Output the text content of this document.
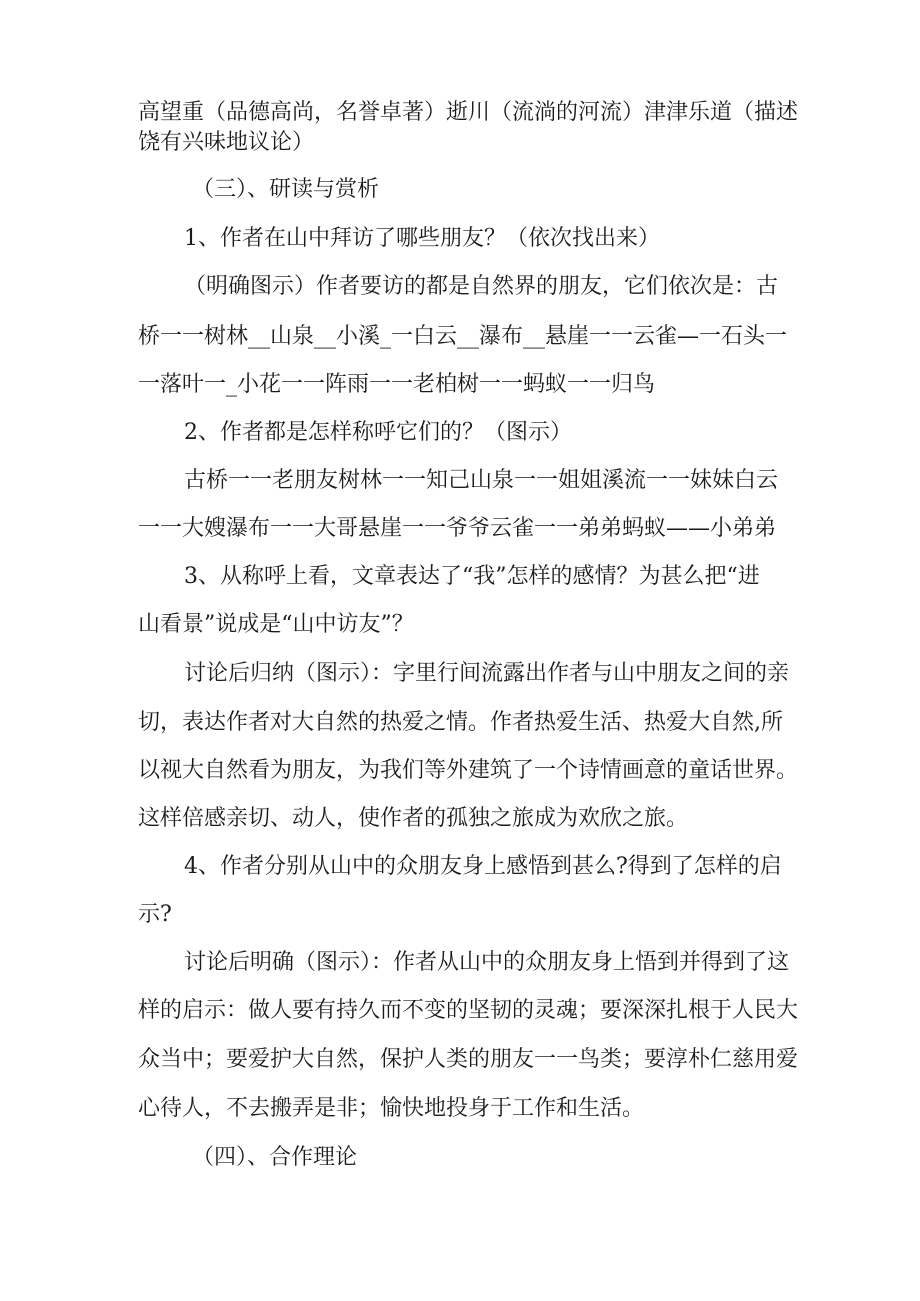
高望重（品德高尚，名誉卓著）逝川（流淌的河流）津津乐道（描述
饶有兴味地议论）
（三）、研读与赏析
1、作者在山中拜访了哪些朋友？（依次找出来）
（明确图示）作者要访的都是自然界的朋友，它们依次是：古
桥一一树林__山泉__小溪_一白云__瀑布__悬崖一一云雀—一石头一
一落叶一_小花一一阵雨一一老柏树一一蚂蚁一一归鸟
2、作者都是怎样称呼它们的？（图示）
古桥一一老朋友树林一一知己山泉一一姐姐溪流一一妹妹白云
一一大嫂瀑布一一大哥悬崖一一爷爷云雀一一弟弟蚂蚁——小弟弟
3、从称呼上看，文章表达了“我”怎样的感情？为甚么把“进
山看景”说成是“山中访友”？
讨论后归纳（图示）：字里行间流露出作者与山中朋友之间的亲
切，表达作者对大自然的热爱之情。作者热爱生活、热爱大自然,所
以视大自然看为朋友，为我们等外建筑了一个诗情画意的童话世界。
这样倍感亲切、动人，使作者的孤独之旅成为欢欣之旅。
4、作者分别从山中的众朋友身上感悟到甚么?得到了怎样的启
示?
讨论后明确（图示）：作者从山中的众朋友身上悟到并得到了这
样的启示：做人要有持久而不变的坚韧的灵魂；要深深扎根于人民大
众当中；要爱护大自然，保护人类的朋友一一鸟类；要淳朴仁慈用爱
心待人，不去搬弄是非；愉快地投身于工作和生活。
（四）、合作理论
